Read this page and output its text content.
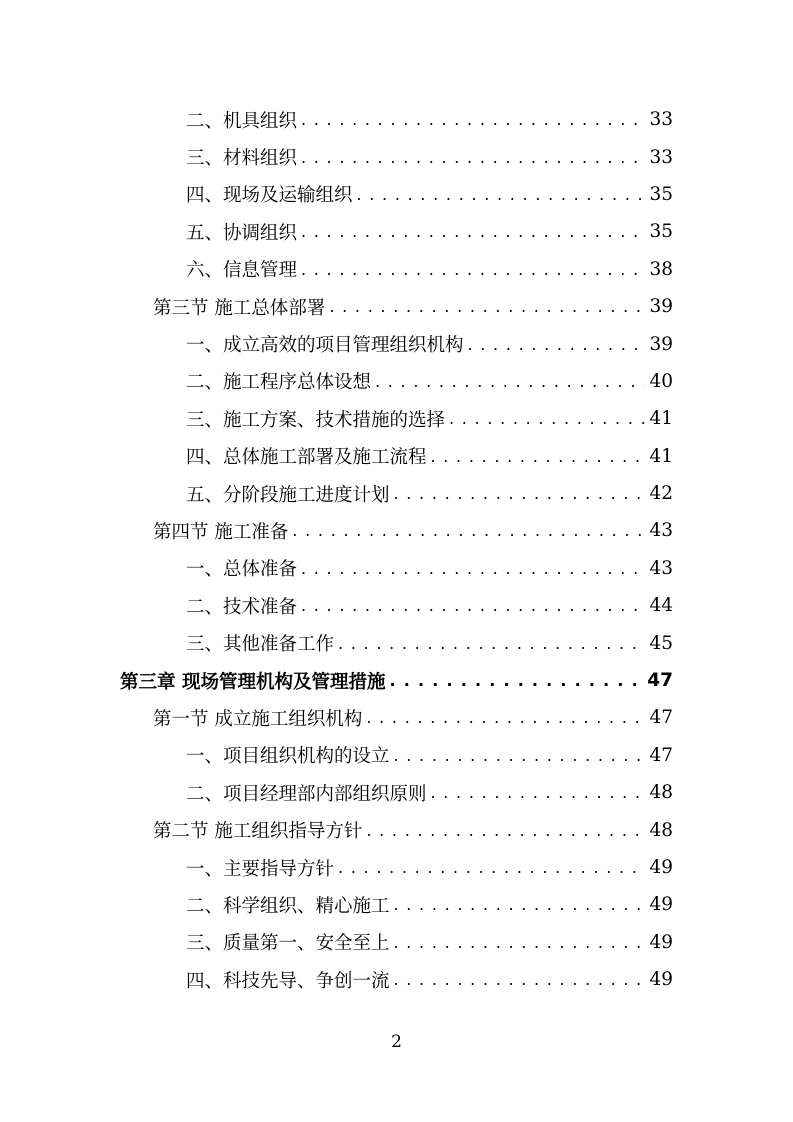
二、机具组织 . . .	33
三、材料组织 . . .	33
四、现场及运输组织 . . .	35
五、协调组织 . . .	35
六、信息管理 . . .	38
第三节 施工总体部署 . . .	39
一、成立高效的项目管理组织机构 . . .	39
二、施工程序总体设想 . . .	40
三、施工方案、技术措施的选择 . . .	41
四、总体施工部署及施工流程 . . .	41
五、分阶段施工进度计划 . . .	42
第四节 施工准备 . . .	43
一、总体准备 . . .	43
二、技术准备 . . .	44
三、其他准备工作 . . .	45
第三章 现场管理机构及管理措施 . . .	47
第一节 成立施工组织机构 . . .	47
一、项目组织机构的设立 . . .	47
二、项目经理部内部组织原则 . . .	48
第二节 施工组织指导方针 . . .	48
一、主要指导方针 . . .	49
二、科学组织、精心施工 . . .	49
三、质量第一、安全至上 . . .	49
四、科技先导、争创一流 . . .	49
2
